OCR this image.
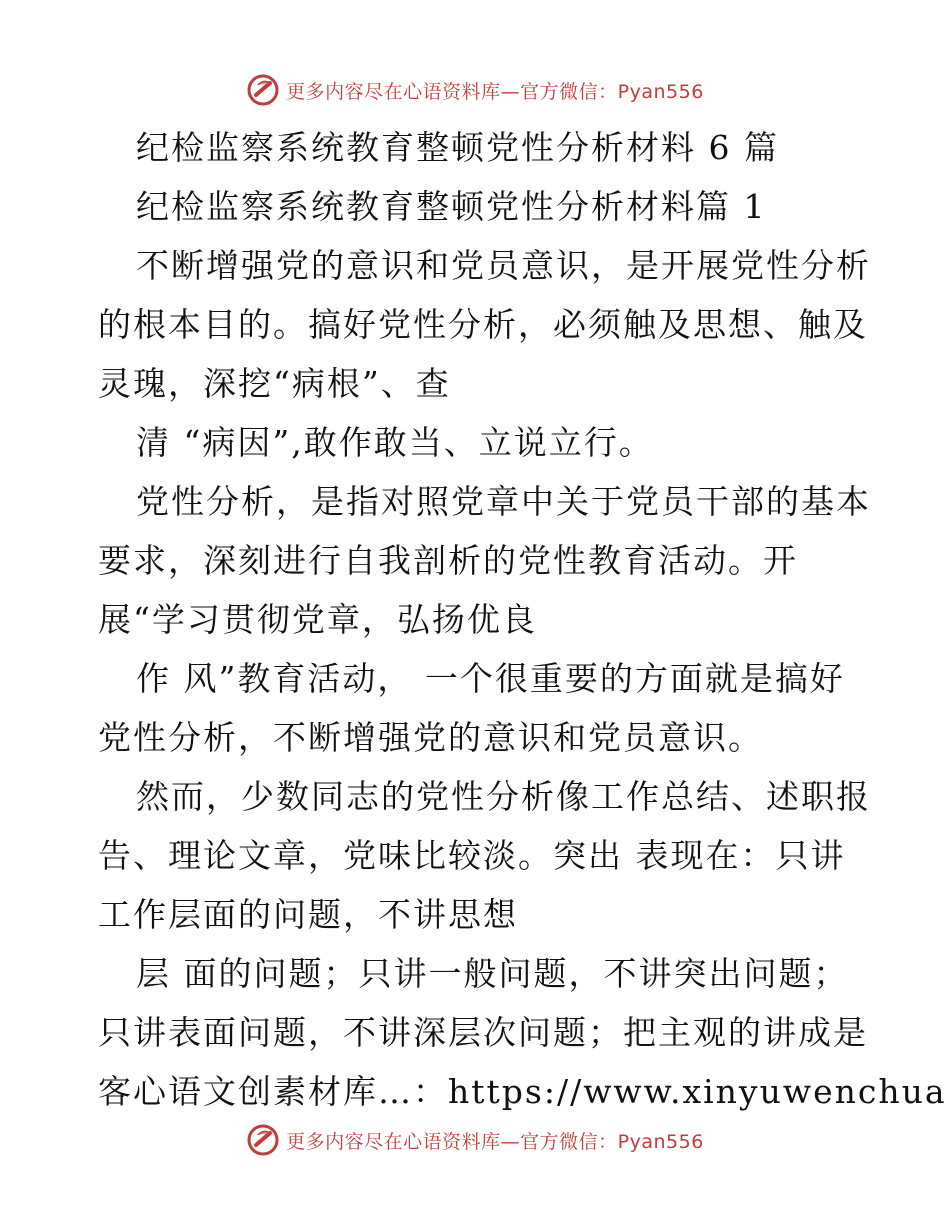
更多内容尽在心语资料库—官方微信：Pyan556
纪检监察系统教育整顿党性分析材料 6 篇
纪检监察系统教育整顿党性分析材料篇 1
不断增强党的意识和党员意识，是开展党性分析
的根本目的。搞好党性分析，必须触及思想、触及
灵瑰，深挖“病根”、查
清 “病因”,敢作敢当、立说立行。
党性分析，是指对照党章中关于党员干部的基本
要求，深刻进行自我剖析的党性教育活动。开
展“学习贯彻党章，弘扬优良
作 风”教育活动， 一个很重要的方面就是搞好
党性分析，不断增强党的意识和党员意识。
然而，少数同志的党性分析像工作总结、述职报
告、理论文章，党味比较淡。突出 表现在：只讲
工作层面的问题，不讲思想
层 面的问题；只讲一般问题，不讲突出问题；
只讲表面问题，不讲深层次问题；把主观的讲成是
客心语文创素材库…：https://www.xinyuwenchua
更多内容尽在心语资料库—官方微信：Pyan556
